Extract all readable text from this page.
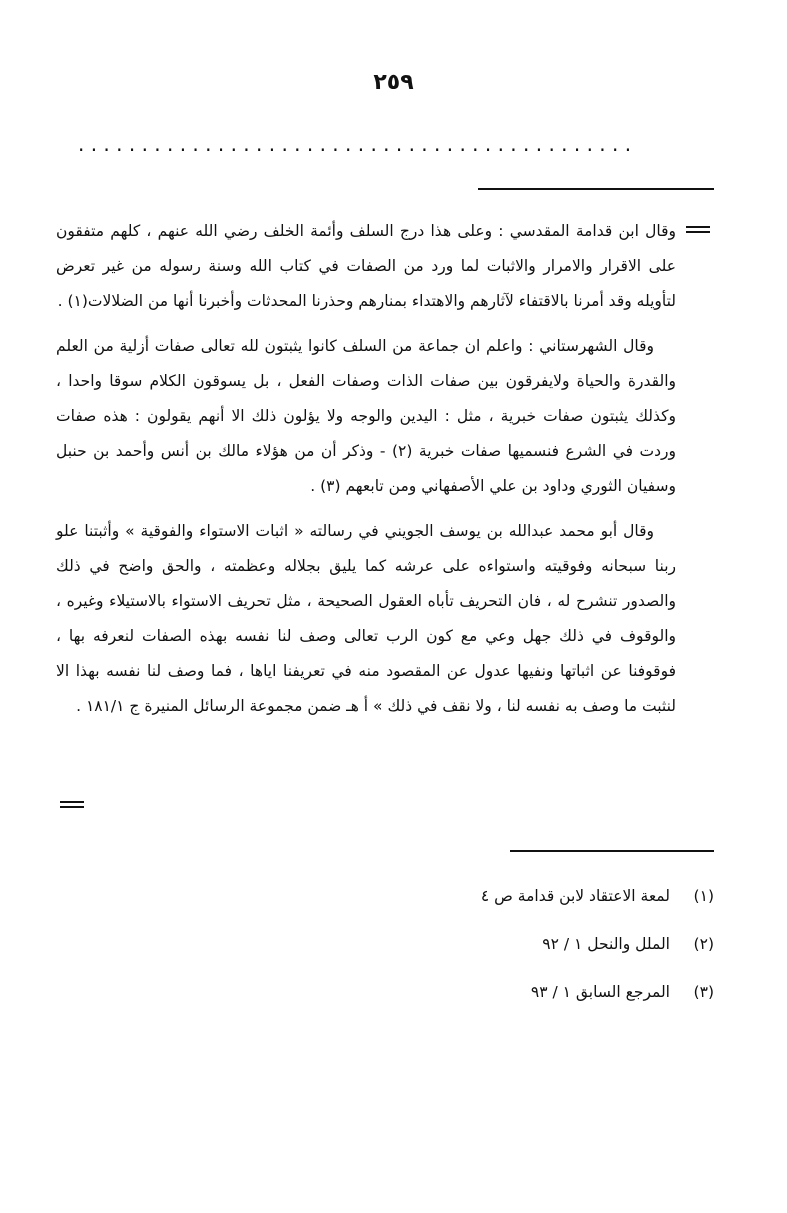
٢٥٩
. . . . . . . . . . . . . . . . . . . . . . . . . . . . . . . . . . . . . . . . . . . .

وقال ابن قدامة المقدسي : وعلى هذا درج السلف وأئمة الخلف رضي الله عنهم ، كلهم متفقون على الاقرار والامرار والاثبات لما ورد من الصفات في كتاب الله وسنة رسوله من غير تعرض لتأويله وقد أمرنا بالاقتفاء لآثارهم والاهتداء بمنارهم وحذرنا المحدثات وأخبرنا أنها من الضلالات(١) .

وقال الشهرستاني : واعلم ان جماعة من السلف كانوا يثبتون لله تعالى صفات أزلية من العلم والقدرة والحياة ولايفرقون بين صفات الذات وصفات الفعل ، بل يسوقون الكلام سوقا واحدا ، وكذلك يثبتون صفات خبرية ، مثل : اليدين والوجه ولا يؤلون ذلك الا أنهم يقولون : هذه صفات وردت في الشرع فنسميها صفات خبرية (٢) - وذكر أن من هؤلاء مالك بن أنس وأحمد بن حنبل وسفيان الثوري وداود بن علي الأصفهاني ومن تابعهم (٣) .

وقال أبو محمد عبدالله بن يوسف الجويني في رسالته « اثبات الاستواء والفوقية » وأثبتنا علو ربنا سبحانه وفوقيته واستواءه على عرشه كما يليق بجلاله وعظمته ، والحق واضح في ذلك والصدور تنشرح له ، فان التحريف تأباه العقول الصحيحة ، مثل تحريف الاستواء بالاستيلاء وغيره ، والوقوف في ذلك جهل وعي مع كون الرب تعالى وصف لنا نفسه بهذه الصفات لنعرفه بها ، فوقوفنا عن اثباتها ونفيها عدول عن المقصود منه في تعريفنا اياها ، فما وصف لنا نفسه بهذا الا لنثبت ما وصف به نفسه لنا ، ولا نقف في ذلك » أ هـ ضمن مجموعة الرسائل المنيرة ج ١٨١/١ .

(١)
لمعة الاعتقاد لابن قدامة ص ٤
(٢)
الملل والنحل ١ / ٩٢
(٣)
المرجع السابق ١ / ٩٣
